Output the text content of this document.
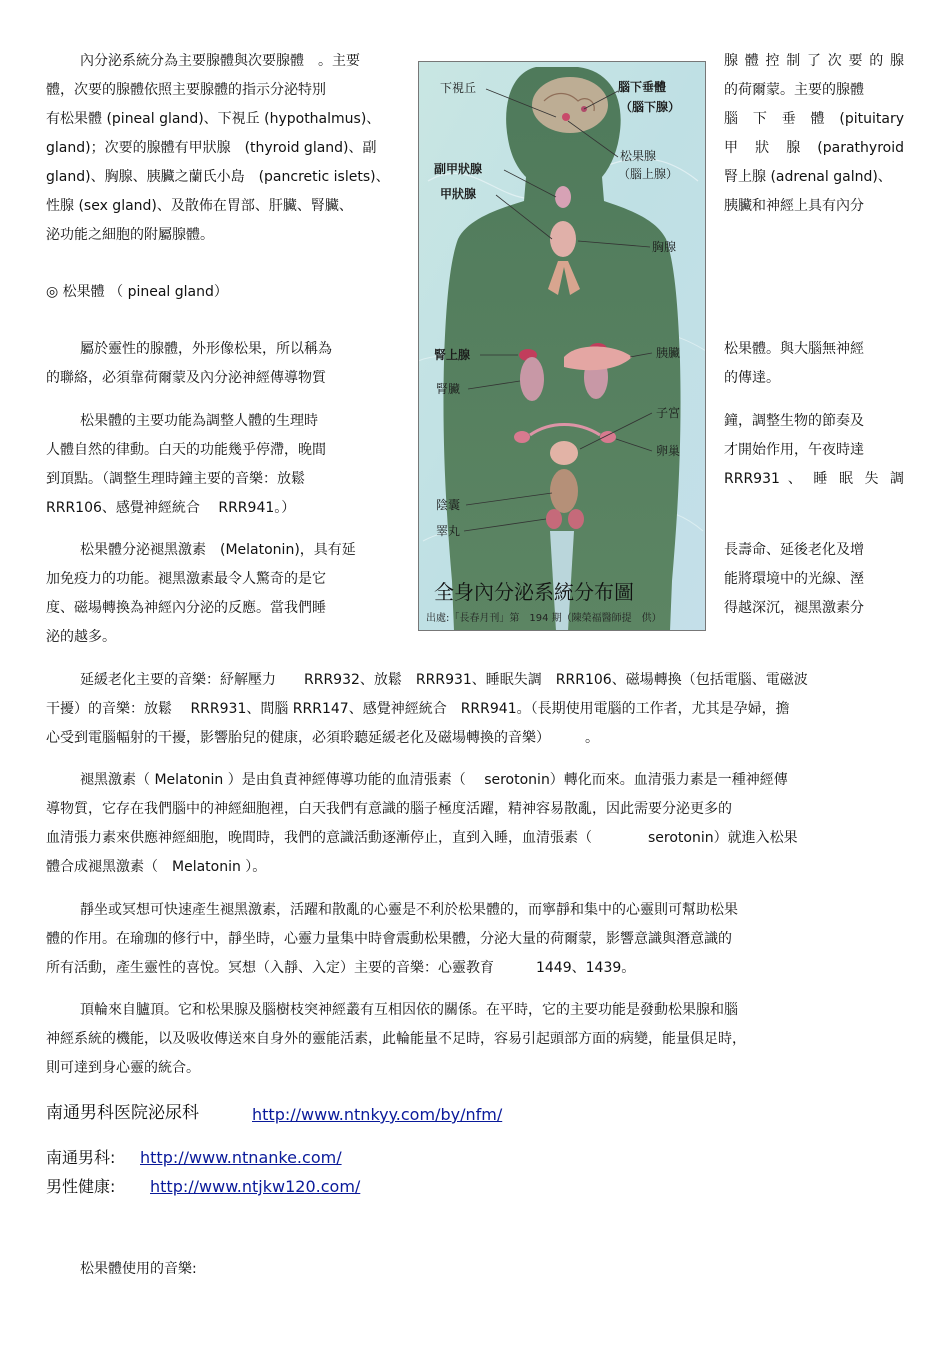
內分泌系統分為主要腺體與次要腺體　。主要

體，次要的腺體依照主要腺體的指示分泌特別

有松果體 (pineal gland)、下視丘 (hypothalmus)、

gland)；次要的腺體有甲狀腺　(thyroid gland)、副

gland)、胸腺、胰臟之蘭氏小島　(pancretic islets)、

性腺 (sex gland)、及散佈在胃部、肝臟、腎臟、

泌功能之細胞的附屬腺體。

◎ 松果體 （ pineal gland）

屬於靈性的腺體，外形像松果，所以稱為

的聯絡，必須靠荷爾蒙及內分泌神經傳導物質

松果體的主要功能為調整人體的生理時

人體自然的律動。白天的功能幾乎停滯，晚間

到頂點。（調整生理時鐘主要的音樂：放鬆

RRR106、感覺神經統合　 RRR941。）

松果體分泌褪黑激素　(Melatonin)，具有延

加免疫力的功能。褪黑激素最令人驚奇的是它

度、磁場轉換為神經內分泌的反應。當我們睡

泌的越多。

腺 體 控 制 了 次 要 的 腺

的荷爾蒙。主要的腺體

腦　下　垂　體　(pituitary

甲　狀　腺　(parathyroid

腎上腺 (adrenal galnd)、

胰臟和神經上具有內分

松果體。與大腦無神經

的傳達。

鐘，調整生物的節奏及

才開始作用，午夜時達

RRR931 、 睡 眠 失 調

長壽命、延後老化及增

能將環境中的光線、溼

得越深沉，褪黑激素分

下視丘	腦下垂體
（腦下腺）
松果腺
（腦上腺）
副甲狀腺
甲狀腺
胸腺
腎上腺
腎臟
胰臟
子宮
卵巢
陰囊
睪丸
全身內分泌系統分布圖
出處:「長春月刊」第　194 期（陳榮福醫師提　供）

延緩老化主要的音樂：紓解壓力　　RRR932、放鬆　RRR931、睡眠失調　RRR106、磁場轉換（包括電腦、電磁波

干擾）的音樂：放鬆　 RRR931、間腦 RRR147、感覺神經統合　RRR941。（長期使用電腦的工作者，尤其是孕婦，擔

心受到電腦輻射的干擾，影響胎兒的健康，必須聆聽延緩老化及磁場轉換的音樂）　　　。

褪黑激素（ Melatonin ）是由負責神經傳導功能的血清張素（　 serotonin）轉化而來。血清張力素是一種神經傳

導物質，它存在我們腦中的神經細胞裡，白天我們有意識的腦子極度活躍，精神容易散亂，因此需要分泌更多的

血清張力素來供應神經細胞，晚間時，我們的意識活動逐漸停止，直到入睡，血清張素（　　　　serotonin）就進入松果

體合成褪黑激素（　Melatonin ）。

靜坐或冥想可快速產生褪黑激素，活躍和散亂的心靈是不利於松果體的，而寧靜和集中的心靈則可幫助松果

體的作用。在瑜珈的修行中，靜坐時，心靈力量集中時會震動松果體，分泌大量的荷爾蒙，影響意識與潛意識的

所有活動，產生靈性的喜悅。冥想（入靜、入定）主要的音樂：心靈教育　　　1449、1439。

頂輪來自臚頂。它和松果腺及腦樹枝突神經叢有互相因依的關係。在平時，它的主要功能是發動松果腺和腦

神經系統的機能，以及吸收傳送來自身外的靈能活素，此輪能量不足時，容易引起頭部方面的病變，能量俱足時，

則可達到身心靈的統合。

南通男科医院泌尿科	http://www.ntnkyy.com/by/nfm/

南通男科: http://www.ntnanke.com/

男性健康: http://www.ntjkw120.com/

松果體使用的音樂:
